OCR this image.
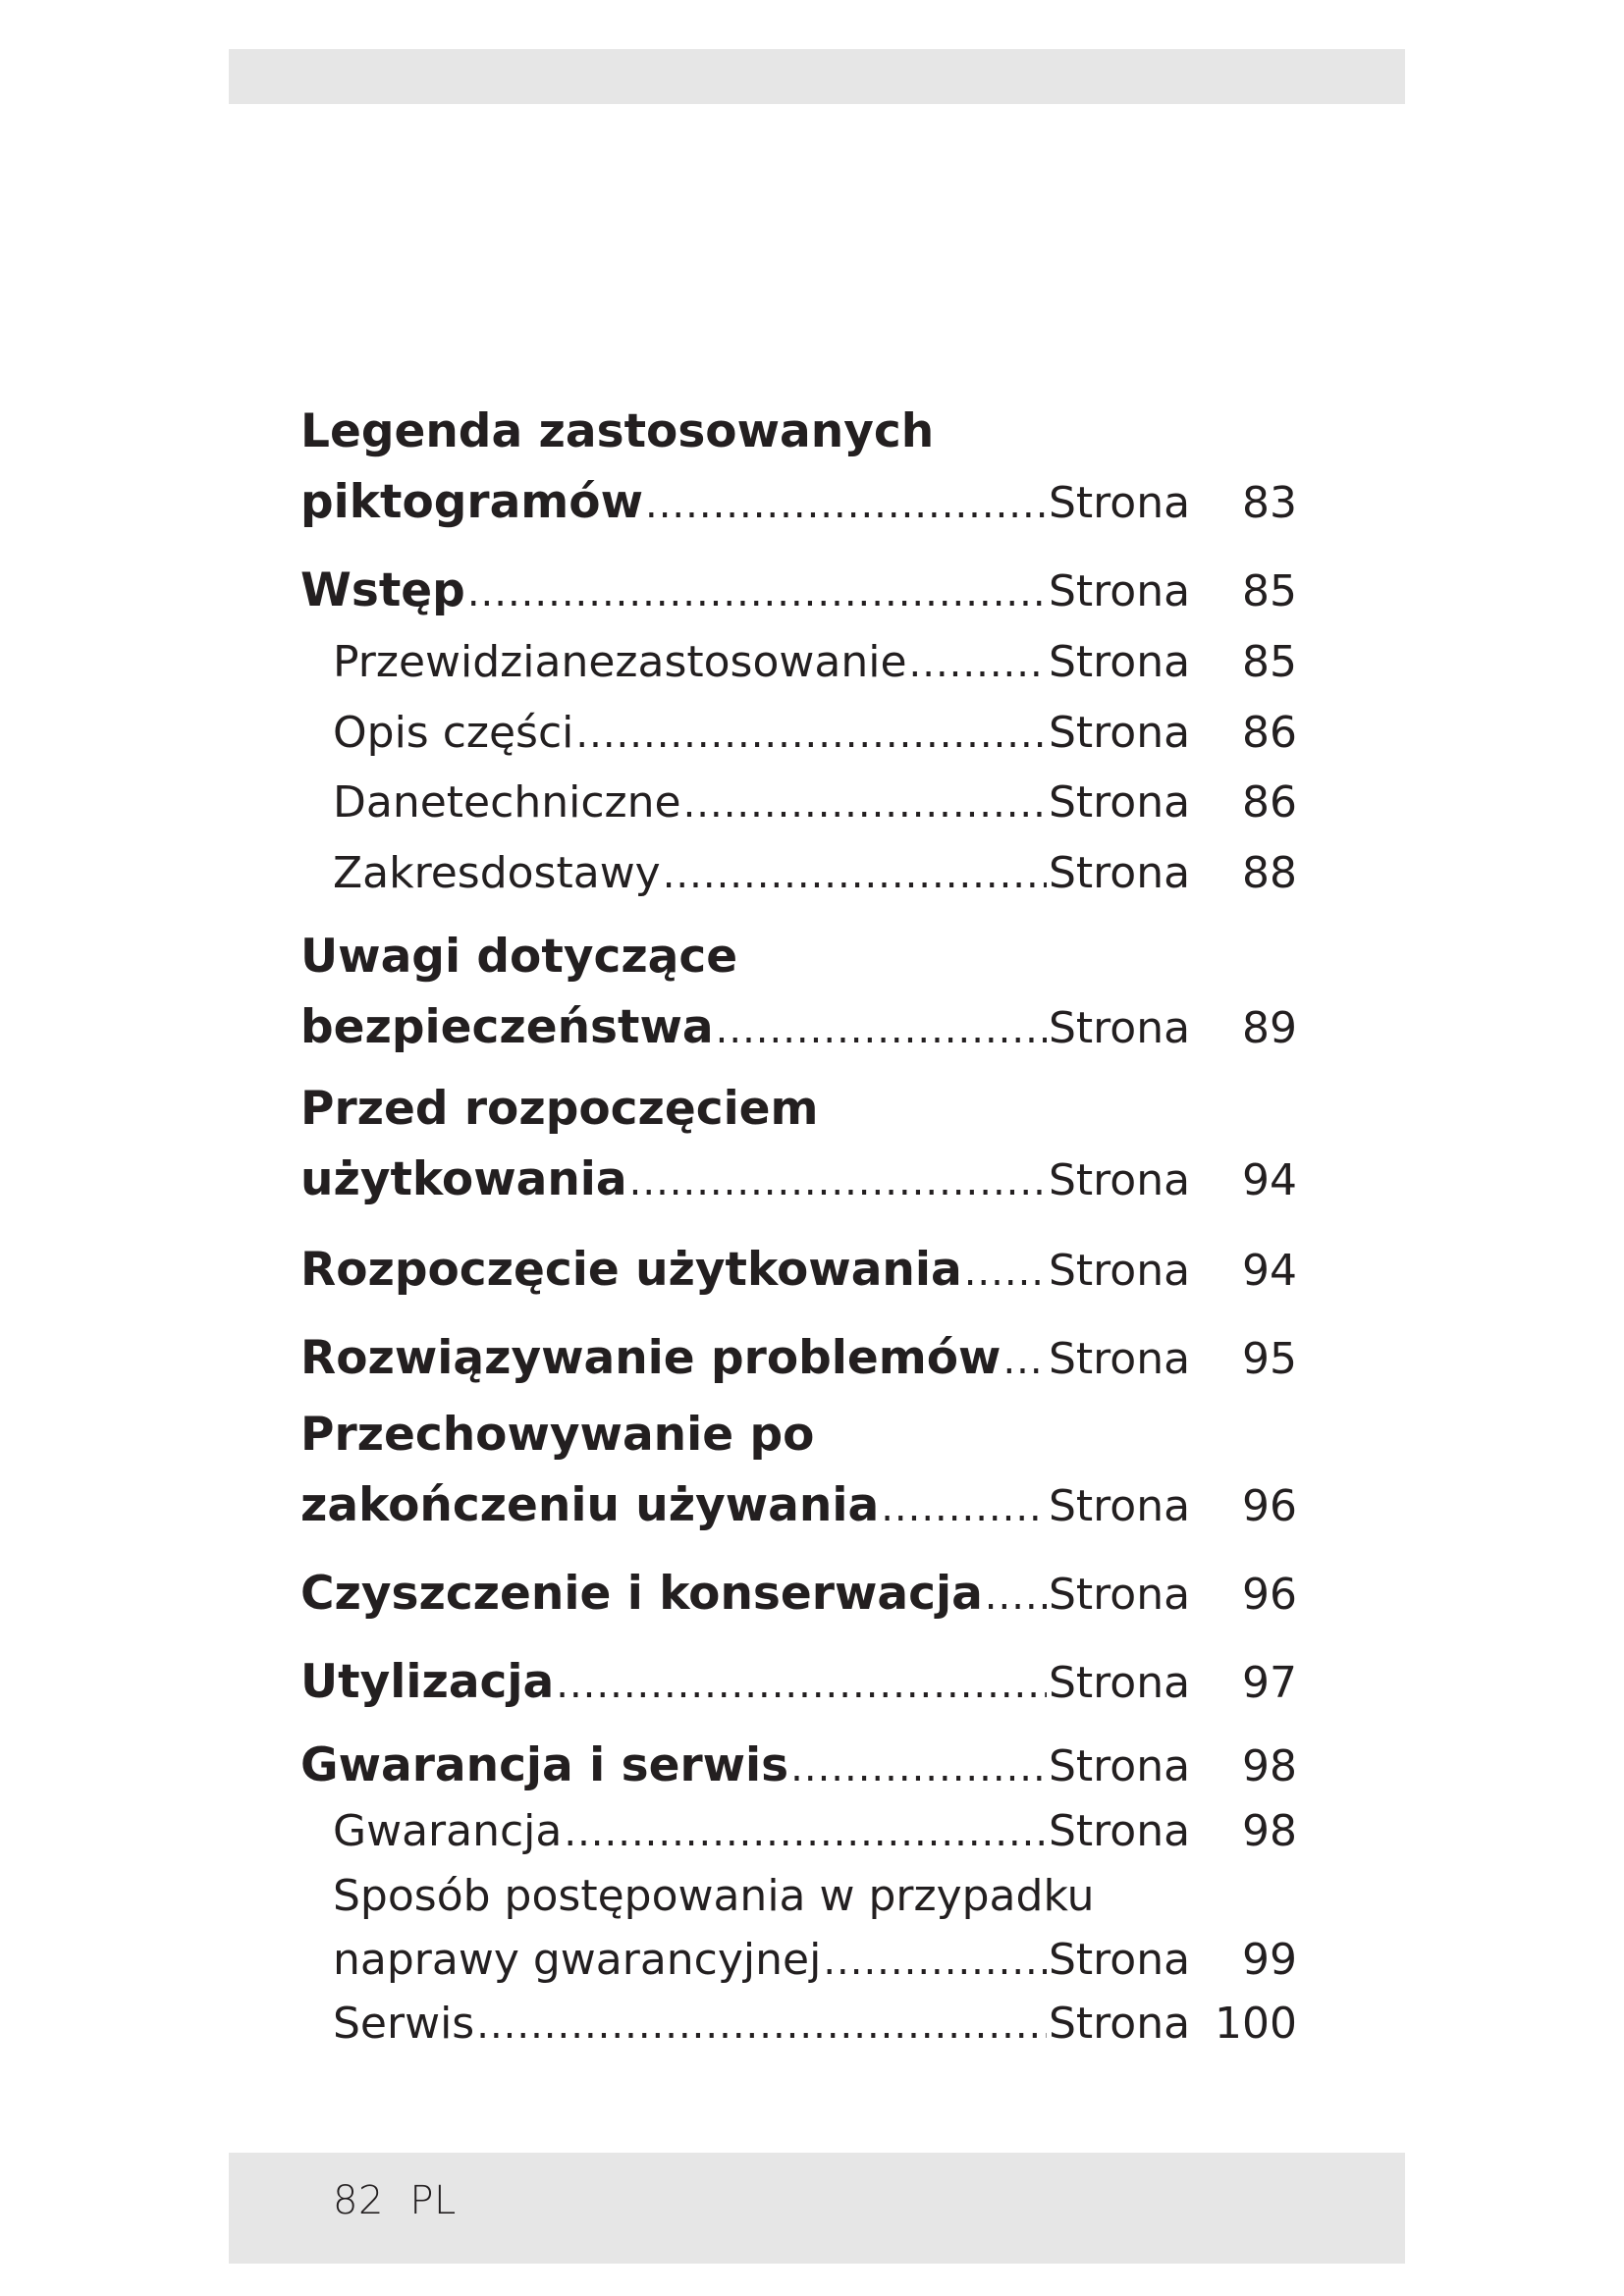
Legenda zastosowanych
piktogramów .....	Strona	83
Wstęp .....	Strona	85
Przewidzianezastosowanie .....	Strona	85
Opis części .....	Strona	86
Danetechniczne .....	Strona	86
Zakresdostawy .....	Strona	88
Uwagi dotyczące
bezpieczeństwa .....	Strona	89
Przed rozpoczęciem
użytkowania .....	Strona	94
Rozpoczęcie użytkowania ..... Strona	94
Rozwiązywanie problemów ..... Strona	95
Przechowywanie po
zakończeniu używania .....	Strona	96
Czyszczenie i konserwacja ..... Strona	96
Utylizacja .....	Strona	97
Gwarancja i serwis .....	Strona	98
Gwarancja .....	Strona	98
Sposób postępowania w przypadku
naprawy gwarancyjnej .....	Strona	99
Serwis .....	Strona 100
82 PL
